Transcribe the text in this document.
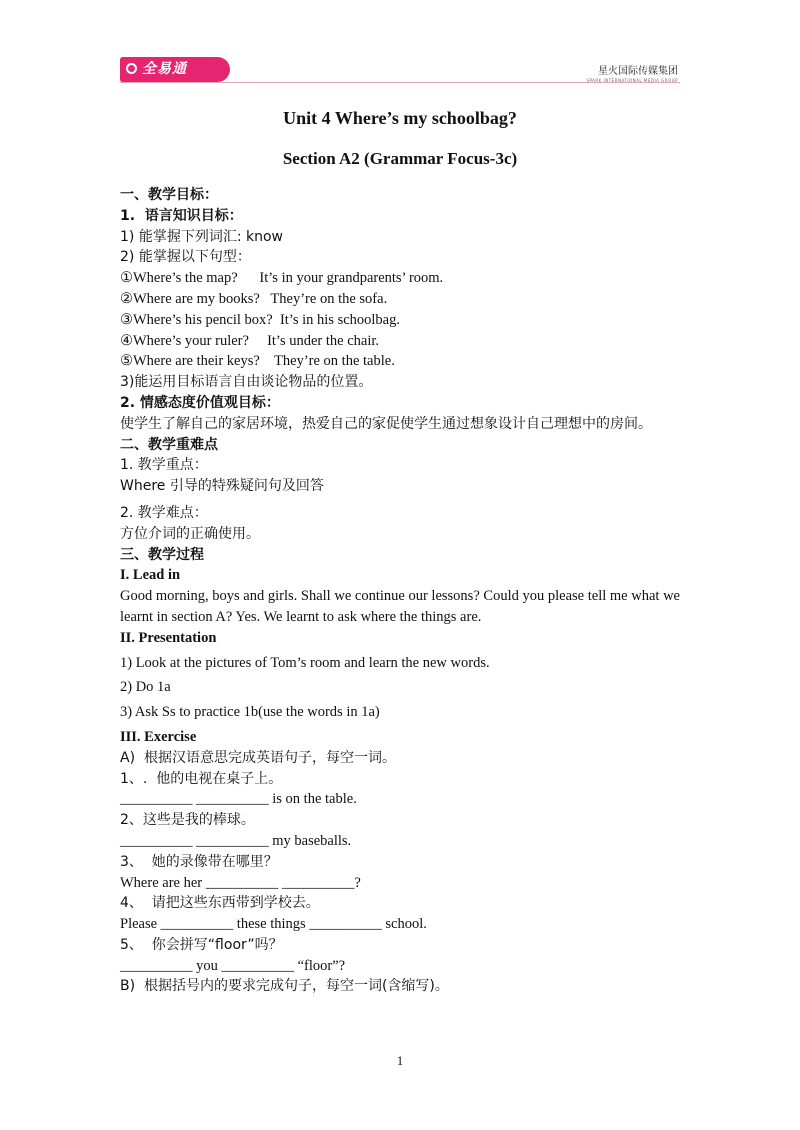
全易通	星火国际传媒集团
SPARK INTERNATIONAL MEDIA GROUP

Unit 4 Where’s my schoolbag?

Section A2 (Grammar Focus-3c)

一、教学目标：

1.  语言知识目标：

1) 能掌握下列词汇: know

2) 能掌握以下句型：

①Where’s the map?      It’s in your grandparents’ room.

②Where are my books?   They’re on the sofa.

③Where’s his pencil box?  It’s in his schoolbag.

④Where’s your ruler?     It’s under the chair.

⑤Where are their keys?    They’re on the table.

3)能运用目标语言自由谈论物品的位置。

2. 情感态度价值观目标：

使学生了解自己的家居环境，热爱自己的家促使学生通过想象设计自己理想中的房间。

二、教学重难点

1. 教学重点：

Where 引导的特殊疑问句及回答

2. 教学难点：

方位介词的正确使用。

三、教学过程

I. Lead in

Good morning, boys and girls. Shall we continue our lessons? Could you please tell me what we learnt in section A? Yes. We learnt to ask where the things are.

II. Presentation

1) Look at the pictures of Tom’s room and learn the new words.

2) Do 1a

3) Ask Ss to practice 1b(use the words in 1a)

III. Exercise

A)  根据汉语意思完成英语句子，每空一词。

1、.  他的电视在桌子上。

__________ __________ is on the table.

2、这些是我的棒球。

__________ __________ my baseballs.

3、  她的录像带在哪里？

Where are her __________ __________?

4、  请把这些东西带到学校去。

Please __________ these things __________ school.

5、  你会拼写“floor”吗？

__________ you __________ “floor”?

B)  根据括号内的要求完成句子，每空一词(含缩写)。

1
